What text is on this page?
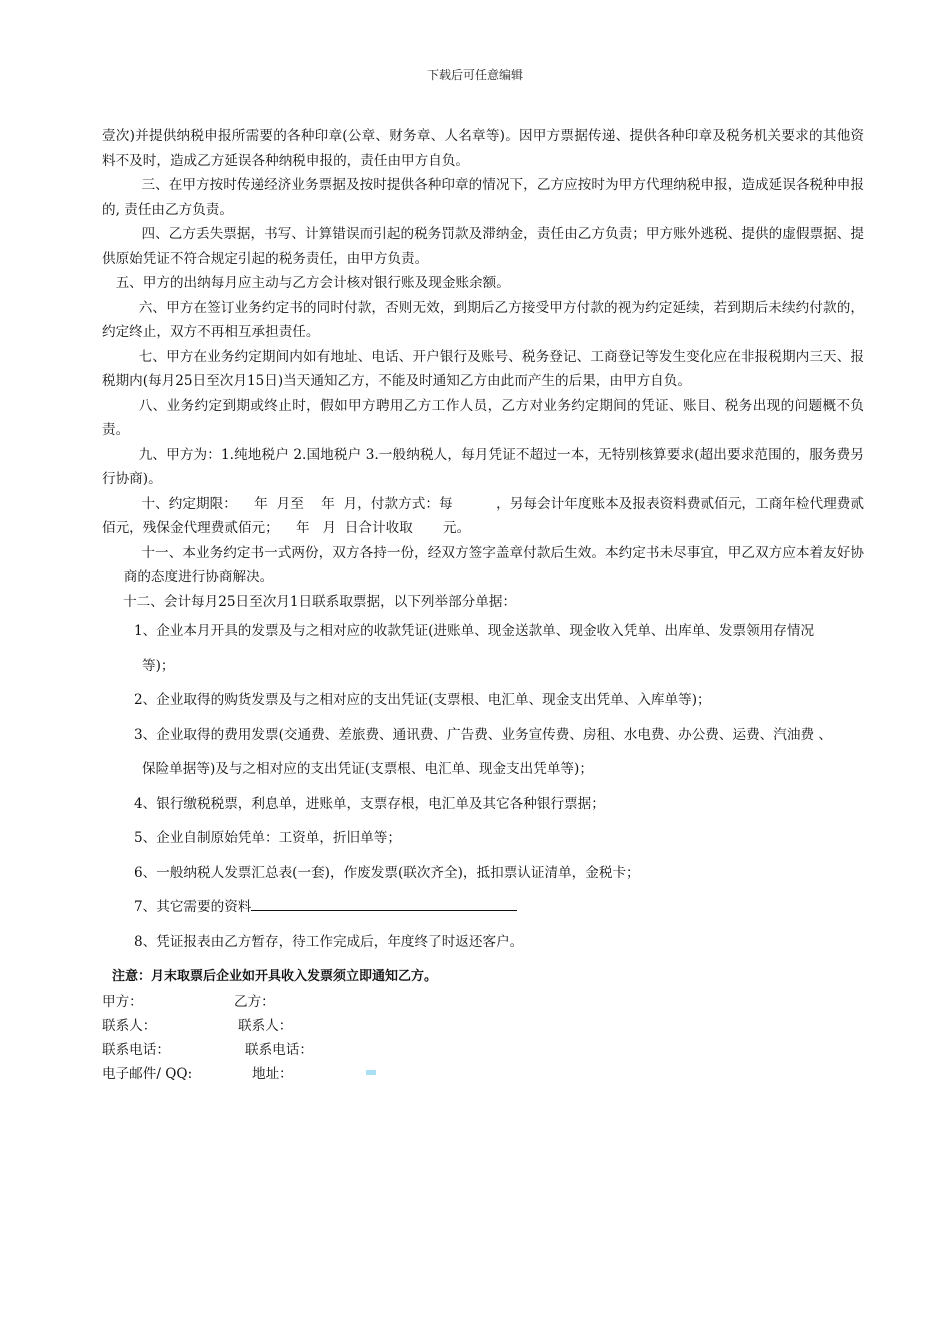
下载后可任意编辑

壹次)并提供纳税申报所需要的各种印章(公章、财务章、人名章等)。因甲方票据传递、提供各种印章及税务机关要求的其他资料不及时，造成乙方延误各种纳税申报的，责任由甲方自负。

三、在甲方按时传递经济业务票据及按时提供各种印章的情况下，乙方应按时为甲方代理纳税申报，造成延误各税种申报的, 责任由乙方负责。

四、乙方丢失票据，书写、计算错误而引起的税务罚款及滞纳金，责任由乙方负责；甲方账外逃税、提供的虚假票据、提供原始凭证不符合规定引起的税务责任，由甲方负责。

五、甲方的出纳每月应主动与乙方会计核对银行账及现金账余额。

六、甲方在签订业务约定书的同时付款，否则无效，到期后乙方接受甲方付款的视为约定延续，若到期后未续约付款的，约定终止，双方不再相互承担责任。

七、甲方在业务约定期间内如有地址、电话、开户银行及账号、税务登记、工商登记等发生变化应在非报税期内三天、报税期内(每月25日至次月15日)当天通知乙方，不能及时通知乙方由此而产生的后果，由甲方自负。

八、业务约定到期或终止时，假如甲方聘用乙方工作人员，乙方对业务约定期间的凭证、账目、税务出现的问题概不负责。

九、甲方为：1.纯地税户 2.国地税户 3.一般纳税人，每月凭证不超过一本，无特别核算要求(超出要求范围的，服务费另行协商)。

十、约定期限：    年  月至    年  月，付款方式：每          ，另每会计年度账本及报表资料费贰佰元，工商年检代理费贰佰元，残保金代理费贰佰元；    年   月  日合计收取       元。

十一、本业务约定书一式两份，双方各持一份，经双方签字盖章付款后生效。本约定书未尽事宜，甲乙双方应本着友好协商的态度进行协商解决。

十二、会计每月25日至次月1日联系取票据，以下列举部分单据：

1、企业本月开具的发票及与之相对应的收款凭证(进账单、现金送款单、现金收入凭单、出库单、发票领用存情况

等)；

2、企业取得的购货发票及与之相对应的支出凭证(支票根、电汇单、现金支出凭单、入库单等)；

3、企业取得的费用发票(交通费、差旅费、通讯费、广告费、业务宣传费、房租、水电费、办公费、运费、汽油费 、

保险单据等)及与之相对应的支出凭证(支票根、电汇单、现金支出凭单等)；

4、银行缴税税票，利息单，进账单，支票存根，电汇单及其它各种银行票据；

5、企业自制原始凭单：工资单，折旧单等；

6、一般纳税人发票汇总表(一套)，作废发票(联次齐全)，抵扣票认证清单，金税卡；

7、其它需要的资料

8、凭证报表由乙方暂存，待工作完成后，年度终了时返还客户。

注意：月末取票后企业如开具收入发票须立即通知乙方。

甲方：	乙方：
联系人：	联系人：
联系电话：	联系电话：
电子邮件/ QQ:	地址：
